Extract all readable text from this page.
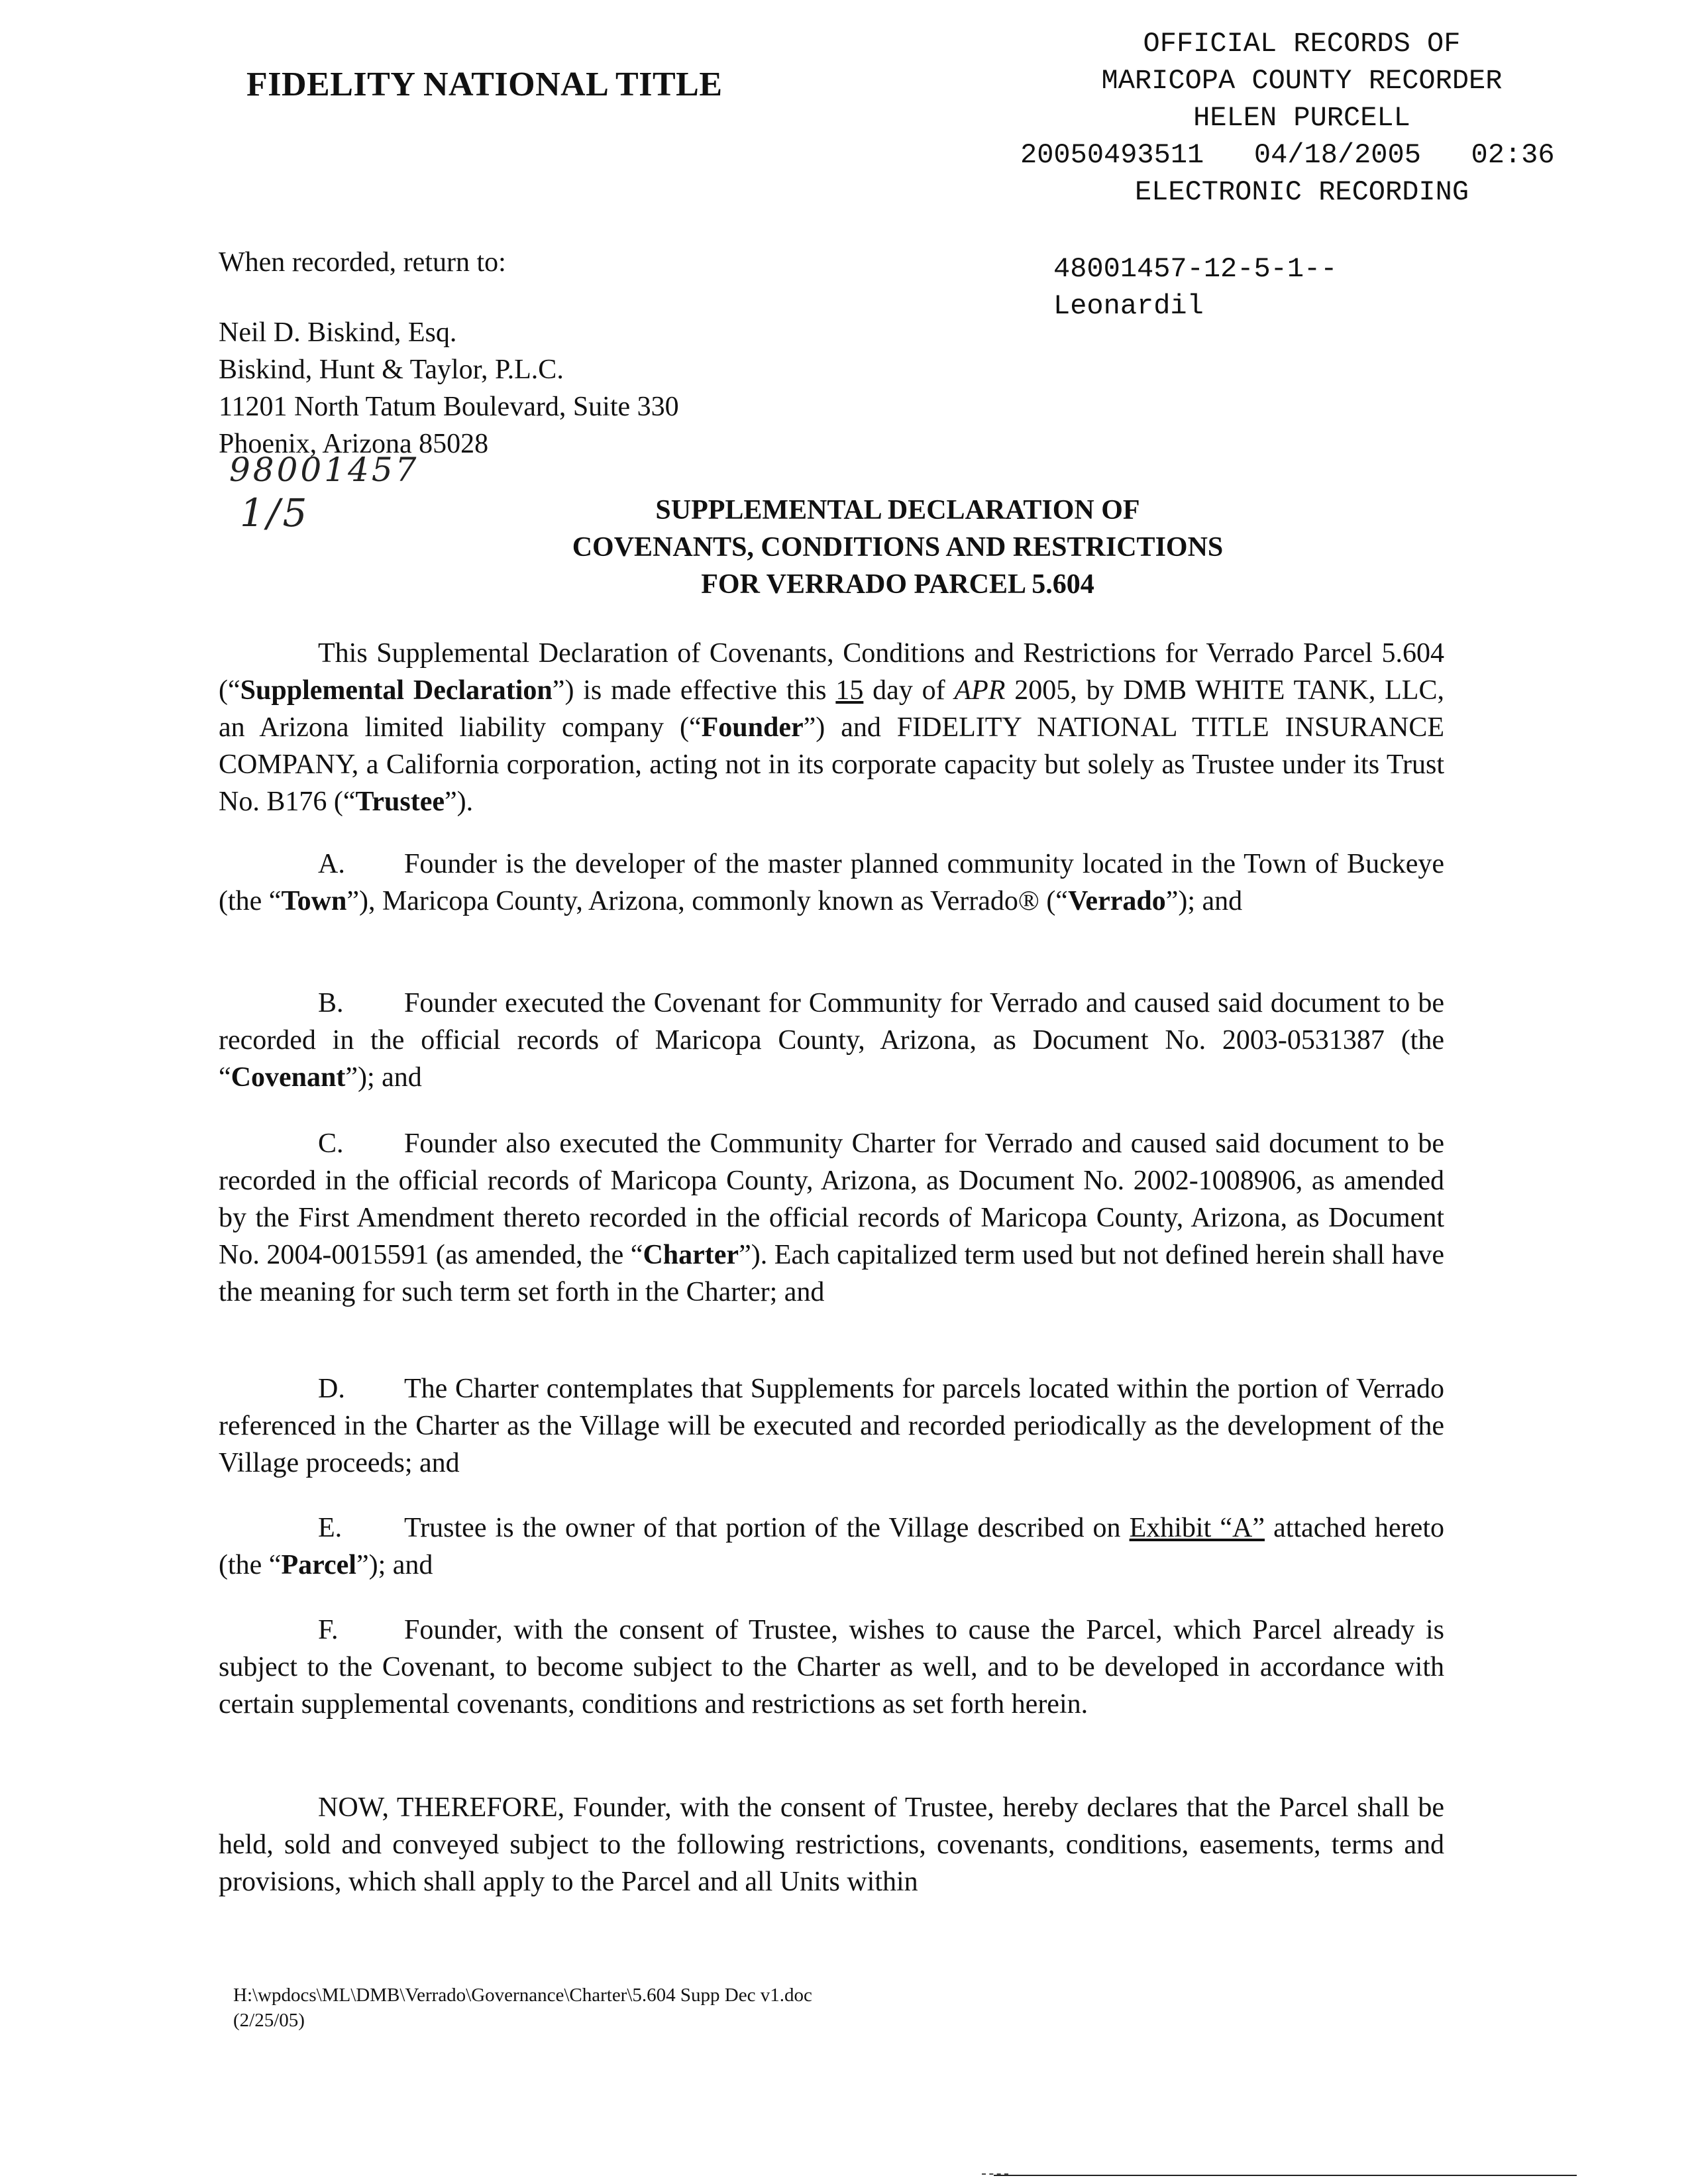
FIDELITY NATIONAL TITLE
OFFICIAL RECORDS OF
MARICOPA COUNTY RECORDER
HELEN PURCELL
20050493511 04/18/2005 02:36
ELECTRONIC RECORDING
48001457-12-5-1--
Leonardil
When recorded, return to:
Neil D. Biskind, Esq.
Biskind, Hunt & Taylor, P.L.C.
11201 North Tatum Boulevard, Suite 330
Phoenix, Arizona 85028
98001457
1/5	SUPPLEMENTAL DECLARATION OF
COVENANTS, CONDITIONS AND RESTRICTIONS
FOR VERRADO PARCEL 5.604

This Supplemental Declaration of Covenants, Conditions and Restrictions for Verrado Parcel 5.604 (“Supplemental Declaration”) is made effective this 15 day of APR 2005, by DMB WHITE TANK, LLC, an Arizona limited liability company (“Founder”) and FIDELITY NATIONAL TITLE INSURANCE COMPANY, a California corporation, acting not in its corporate capacity but solely as Trustee under its Trust No. B176 (“Trustee”).

A. Founder is the developer of the master planned community located in the Town of Buckeye (the “Town”), Maricopa County, Arizona, commonly known as Verrado® (“Verrado”); and

B. Founder executed the Covenant for Community for Verrado and caused said document to be recorded in the official records of Maricopa County, Arizona, as Document No. 2003-0531387 (the “Covenant”); and

C. Founder also executed the Community Charter for Verrado and caused said document to be recorded in the official records of Maricopa County, Arizona, as Document No. 2002-1008906, as amended by the First Amendment thereto recorded in the official records of Maricopa County, Arizona, as Document No. 2004-0015591 (as amended, the “Charter”). Each capitalized term used but not defined herein shall have the meaning for such term set forth in the Charter; and

D. The Charter contemplates that Supplements for parcels located within the portion of Verrado referenced in the Charter as the Village will be executed and recorded periodically as the development of the Village proceeds; and

E. Trustee is the owner of that portion of the Village described on Exhibit “A” attached hereto (the “Parcel”); and

F. Founder, with the consent of Trustee, wishes to cause the Parcel, which Parcel already is subject to the Covenant, to become subject to the Charter as well, and to be developed in accordance with certain supplemental covenants, conditions and restrictions as set forth herein.

NOW, THEREFORE, Founder, with the consent of Trustee, hereby declares that the Parcel shall be held, sold and conveyed subject to the following restrictions, covenants, conditions, easements, terms and provisions, which shall apply to the Parcel and all Units within

H:\wpdocs\ML\DMB\Verrado\Governance\Charter\5.604 Supp Dec v1.doc
(2/25/05)
